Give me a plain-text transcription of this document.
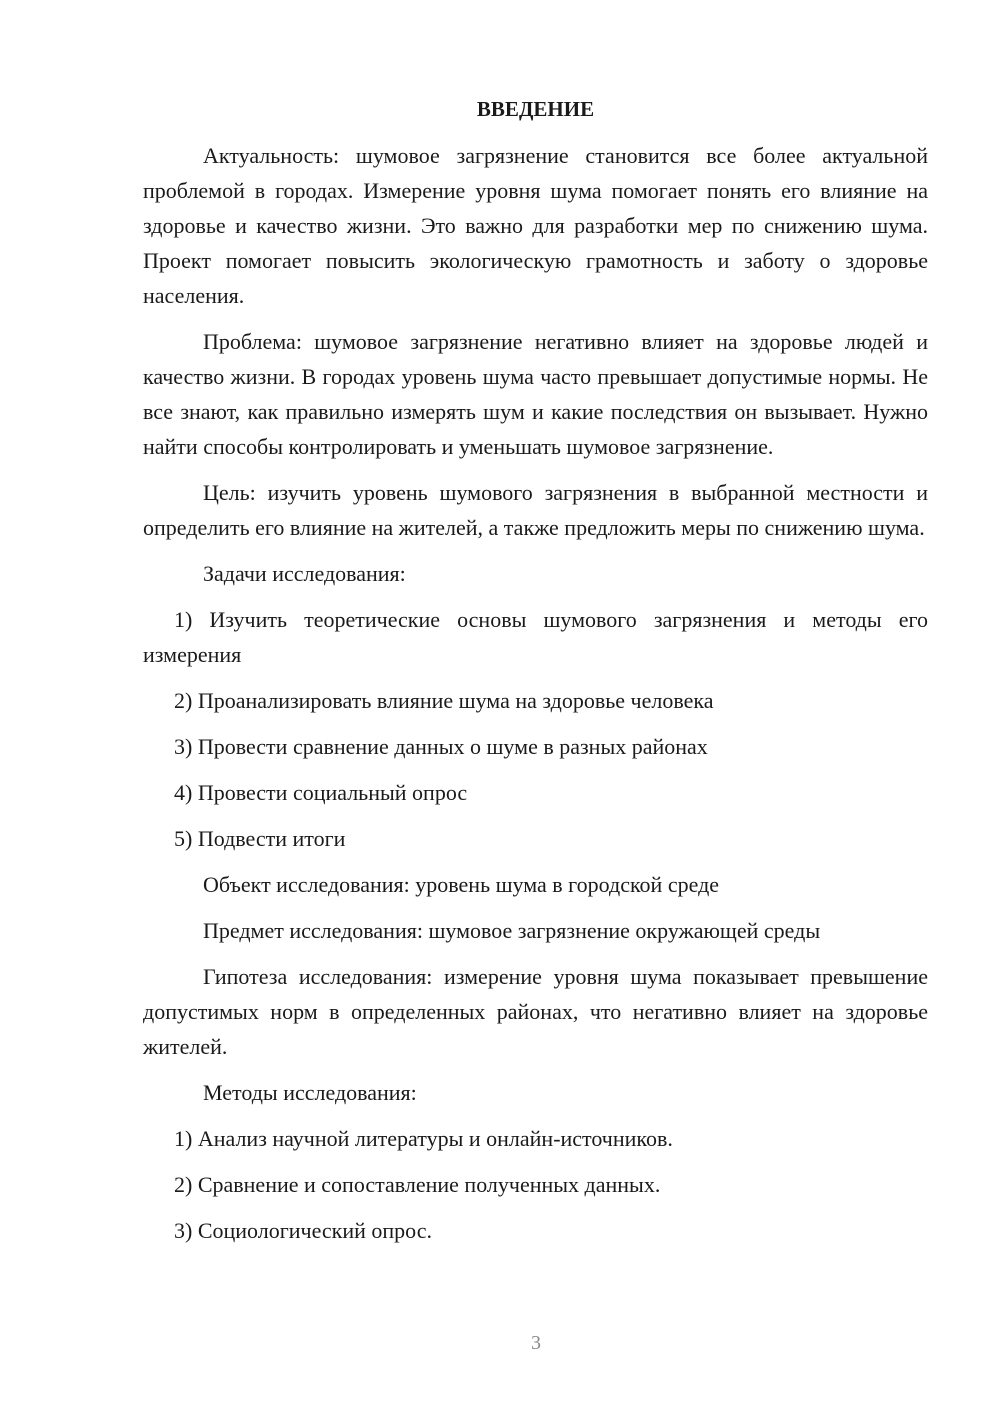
ВВЕДЕНИЕ

Актуальность: шумовое загрязнение становится все более актуальной проблемой в городах. Измерение уровня шума помогает понять его влияние на здоровье и качество жизни. Это важно для разработки мер по снижению шума. Проект помогает повысить экологическую грамотность и заботу о здоровье населения.

Проблема: шумовое загрязнение негативно влияет на здоровье людей и качество жизни. В городах уровень шума часто превышает допустимые нормы. Не все знают, как правильно измерять шум и какие последствия он вызывает. Нужно найти способы контролировать и уменьшать шумовое загрязнение.

Цель: изучить уровень шумового загрязнения в выбранной местности и определить его влияние на жителей, а также предложить меры по снижению шума.

Задачи исследования:

1) Изучить теоретические основы шумового загрязнения и методы его измерения

2) Проанализировать влияние шума на здоровье человека

3) Провести сравнение данных о шуме в разных районах

4) Провести социальный опрос

5) Подвести итоги

Объект исследования: уровень шума в городской среде

Предмет исследования: шумовое загрязнение окружающей среды

Гипотеза исследования: измерение уровня шума показывает превышение допустимых норм в определенных районах, что негативно влияет на здоровье жителей.

Методы исследования:

1) Анализ научной литературы и онлайн-источников.

2) Сравнение и сопоставление полученных данных.

3) Социологический опрос.

3
